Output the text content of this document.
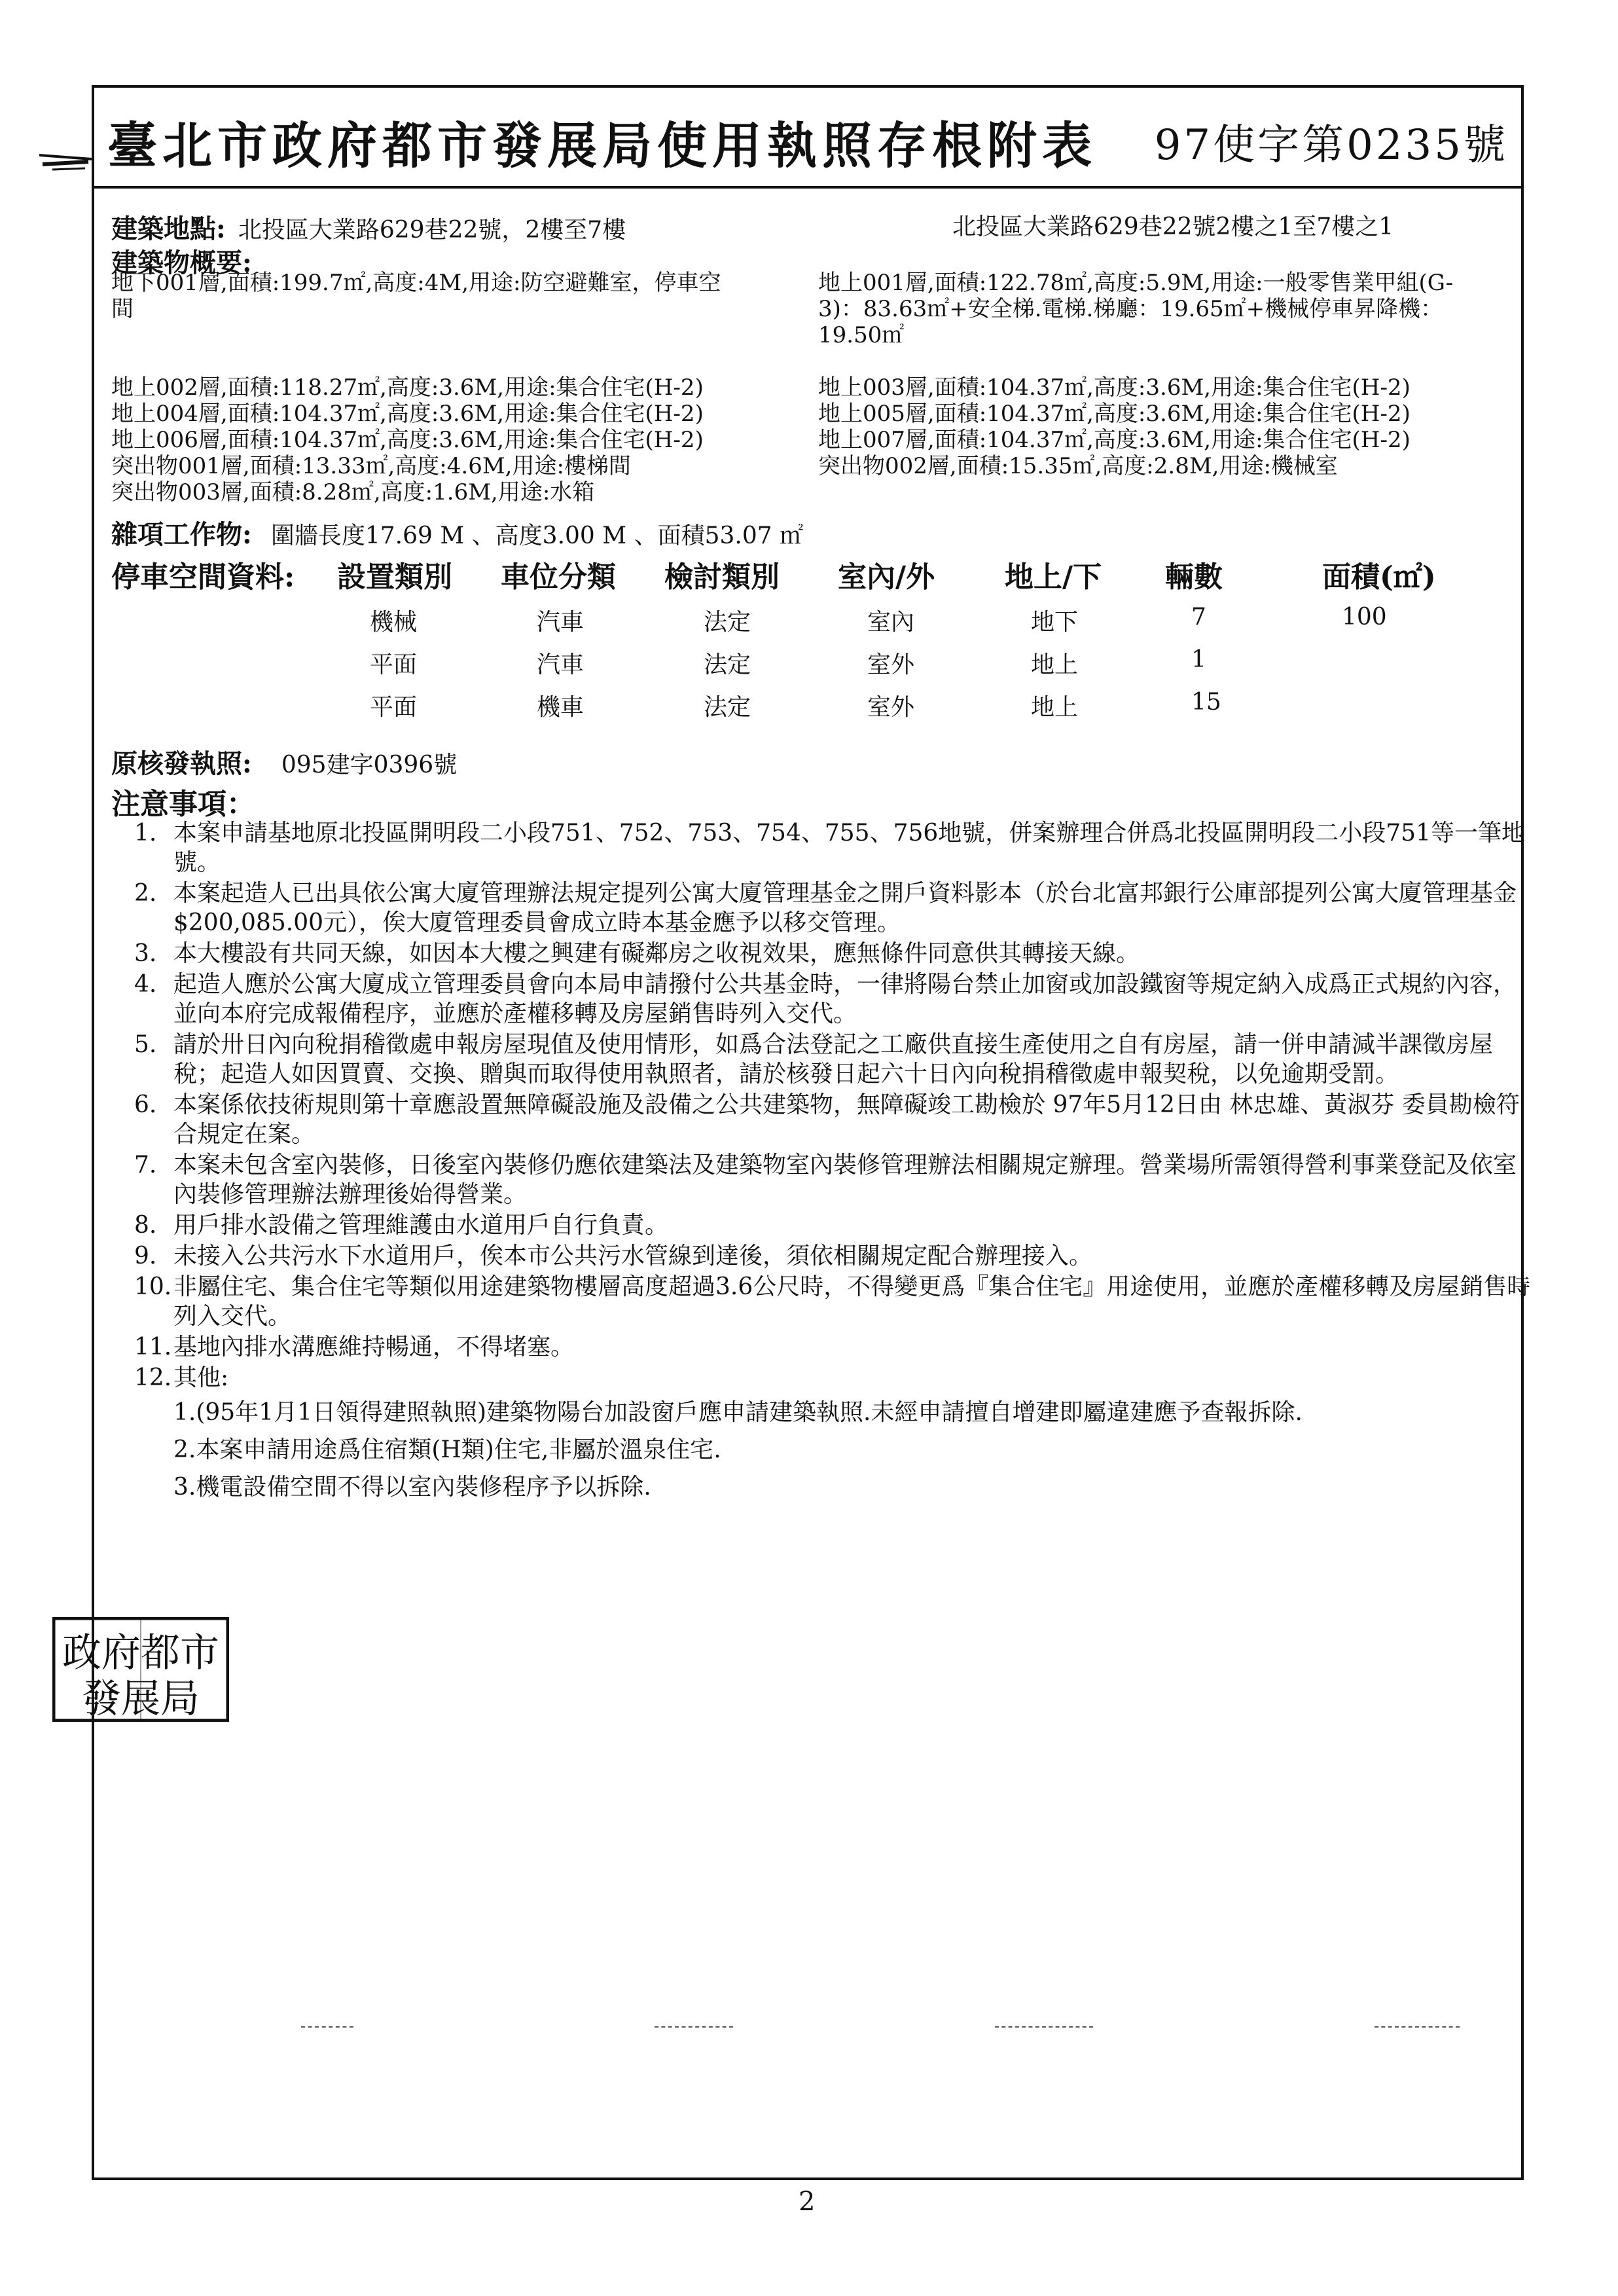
臺北市政府都市發展局使用執照存根附表 97使字第0235號
建築地點: 北投區大業路629巷22號，2樓至7樓	北投區大業路629巷22號2樓之1至7樓之1
建築物概要:
地下001層,面積:199.7㎡,高度:4M,用途:防空避難室，停車空
間

地上002層,面積:118.27㎡,高度:3.6M,用途:集合住宅(H-2)
地上004層,面積:104.37㎡,高度:3.6M,用途:集合住宅(H-2)
地上006層,面積:104.37㎡,高度:3.6M,用途:集合住宅(H-2)
突出物001層,面積:13.33㎡,高度:4.6M,用途:樓梯間
突出物003層,面積:8.28㎡,高度:1.6M,用途:水箱
地上001層,面積:122.78㎡,高度:5.9M,用途:一般零售業甲組(G-
3)：83.63㎡+安全梯.電梯.梯廳：19.65㎡+機械停車昇降機：
19.50㎡

地上003層,面積:104.37㎡,高度:3.6M,用途:集合住宅(H-2)
地上005層,面積:104.37㎡,高度:3.6M,用途:集合住宅(H-2)
地上007層,面積:104.37㎡,高度:3.6M,用途:集合住宅(H-2)
突出物002層,面積:15.35㎡,高度:2.8M,用途:機械室
雜項工作物: 圍牆長度17.69 M 、高度3.00 M 、面積53.07 ㎡
停車空間資料: 設置類別 車位分類 檢討類別 室內/外 地上/下 輛數	面積(㎡)
機械	汽車	法定	室內	地下	7	100
平面	汽車	法定	室外	地上	1
平面	機車	法定	室外	地上	15
原核發執照: 095建字0396號
注意事項：
1. 本案申請基地原北投區開明段二小段751、752、753、754、755、756地號，併案辦理合併爲北投區開明段二小段751等一筆地號。
2. 本案起造人已出具依公寓大廈管理辦法規定提列公寓大廈管理基金之開戶資料影本（於台北富邦銀行公庫部提列公寓大廈管理基金 $200,085.00元），俟大廈管理委員會成立時本基金應予以移交管理。
3. 本大樓設有共同天線，如因本大樓之興建有礙鄰房之收視效果，應無條件同意供其轉接天線。
4. 起造人應於公寓大廈成立管理委員會向本局申請撥付公共基金時，一律將陽台禁止加窗或加設鐵窗等規定納入成爲正式規約內容，並向本府完成報備程序，並應於產權移轉及房屋銷售時列入交代。
5. 請於卅日內向稅捐稽徵處申報房屋現值及使用情形，如爲合法登記之工廠供直接生產使用之自有房屋，請一併申請減半課徵房屋稅；起造人如因買賣、交換、贈與而取得使用執照者，請於核發日起六十日內向稅捐稽徵處申報契稅，以免逾期受罰。
6. 本案係依技術規則第十章應設置無障礙設施及設備之公共建築物，無障礙竣工勘檢於 97年5月12日由 林忠雄、黃淑芬 委員勘檢符合規定在案。
7. 本案未包含室內裝修，日後室內裝修仍應依建築法及建築物室內裝修管理辦法相關規定辦理。營業場所需領得營利事業登記及依室內裝修管理辦法辦理後始得營業。
8. 用戶排水設備之管理維護由水道用戶自行負責。
9. 未接入公共污水下水道用戶，俟本市公共污水管線到達後，須依相關規定配合辦理接入。
10. 非屬住宅、集合住宅等類似用途建築物樓層高度超過3.6公尺時，不得變更爲『集合住宅』用途使用，並應於產權移轉及房屋銷售時列入交代。
11. 基地內排水溝應維持暢通，不得堵塞。
12. 其他:
1.(95年1月1日領得建照執照)建築物陽台加設窗戶應申請建築執照.未經申請擅自增建即屬違建應予查報拆除.
2.本案申請用途爲住宿類(H類)住宅,非屬於溫泉住宅.
3.機電設備空間不得以室內裝修程序予以拆除.
政府都市
發展局
2
